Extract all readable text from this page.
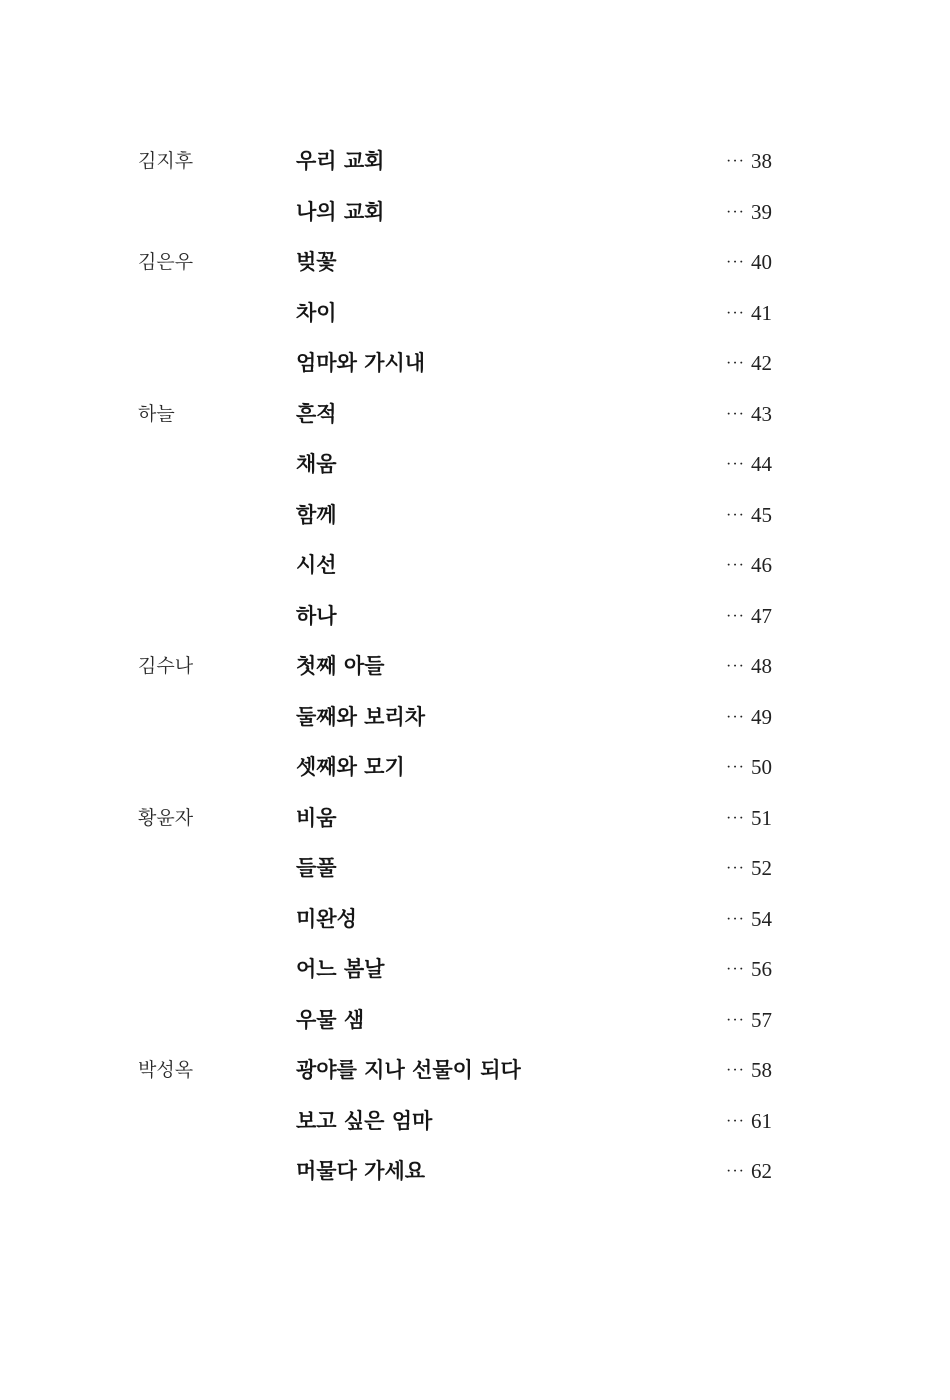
김지후	우리 교회	··· 38
나의 교회	··· 39
김은우	벚꽃	··· 40
차이	··· 41
엄마와 가시내	··· 42
하늘	흔적	··· 43
채움	··· 44
함께	··· 45
시선	··· 46
하나	··· 47
김수나	첫째 아들	··· 48
둘째와 보리차	··· 49
셋째와 모기	··· 50
황윤자	비움	··· 51
들풀	··· 52
미완성	··· 54
어느 봄날	··· 56
우물 샘	··· 57
박성옥	광야를 지나 선물이 되다	··· 58
보고 싶은 엄마	··· 61
머물다 가세요	··· 62
